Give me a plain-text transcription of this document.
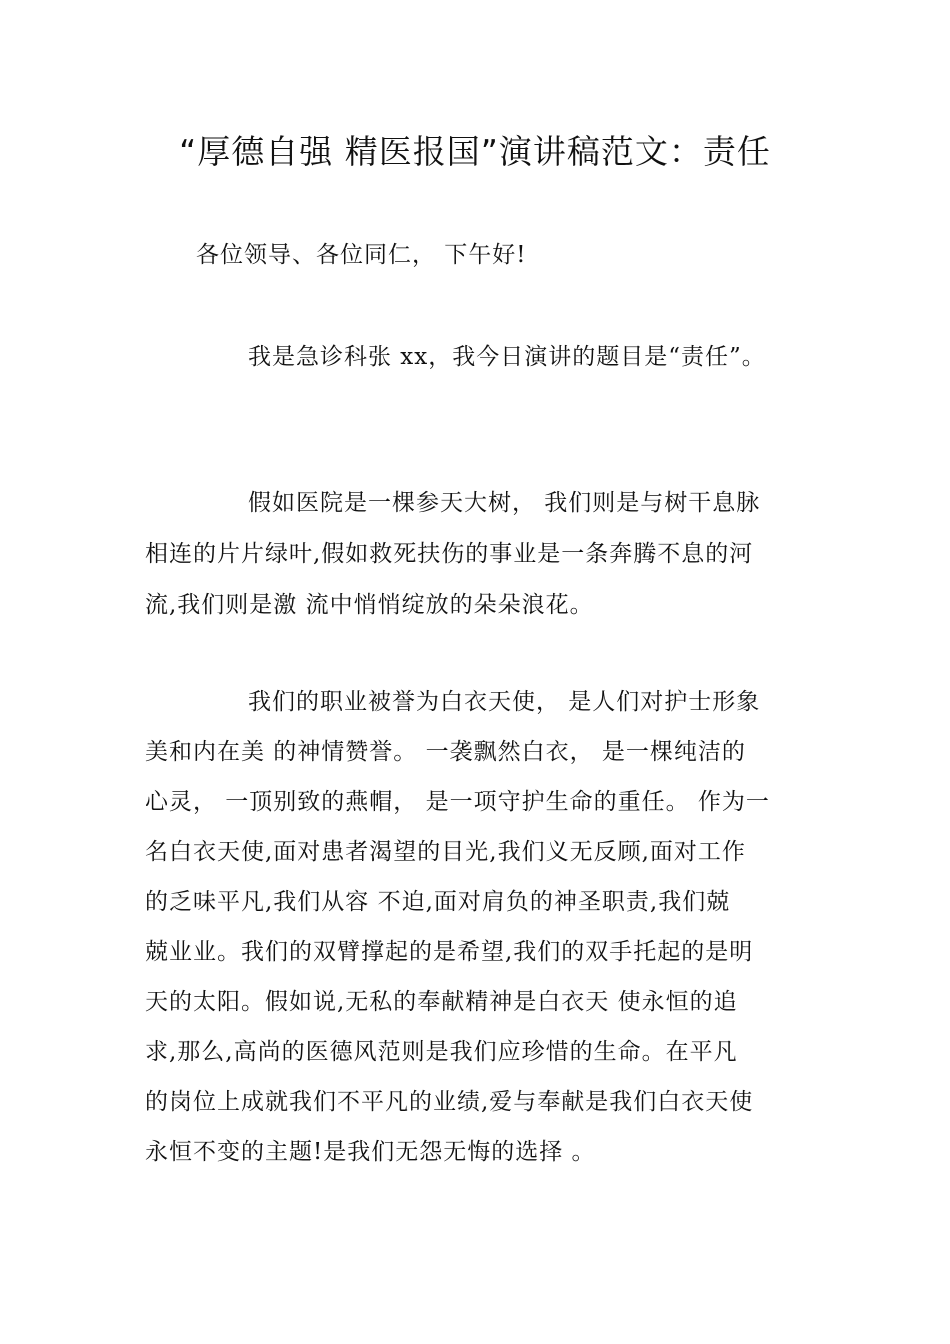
“厚德自强 精医报国”演讲稿范文：责任

各位领导、各位同仁， 下午好!

我是急诊科张 xx，我今日演讲的题目是“责任”。

假如医院是一棵参天大树， 我们则是与树干息脉

相连的片片绿叶,假如救死扶伤的事业是一条奔腾不息的河

流,我们则是激 流中悄悄绽放的朵朵浪花。

我们的职业被誉为白衣天使， 是人们对护士形象

美和内在美 的神情赞誉。 一袭飘然白衣， 是一棵纯洁的

心灵， 一顶别致的燕帽， 是一项守护生命的重任。 作为一

名白衣天使,面对患者渴望的目光,我们义无反顾,面对工作

的乏味平凡,我们从容 不迫,面对肩负的神圣职责,我们兢

兢业业。我们的双臂撑起的是希望,我们的双手托起的是明

天的太阳。假如说,无私的奉献精神是白衣天 使永恒的追

求,那么,高尚的医德风范则是我们应珍惜的生命。在平凡

的岗位上成就我们不平凡的业绩,爱与奉献是我们白衣天使

永恒不变的主题!是我们无怨无悔的选择 。
